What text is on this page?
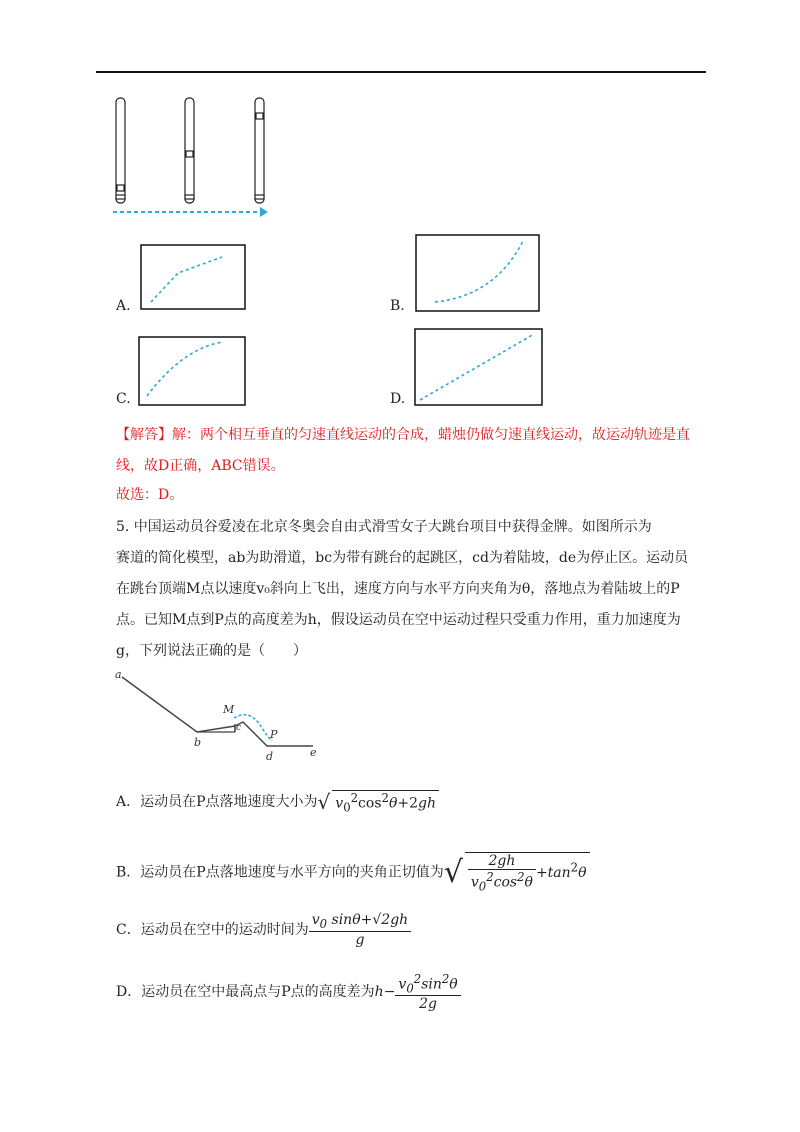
A.	B.
C.	D.
【解答】解：两个相互垂直的匀速直线运动的合成，蜡烛仍做匀速直线运动，故运动轨迹是直
线，故D正确，ABC错误。
故选：D。
5. 中国运动员谷爱凌在北京冬奥会自由式滑雪女子大跳台项目中获得金牌。如图所示为
赛道的简化模型，ab为助滑道，bc为带有跳台的起跳区，cd为着陆坡，de为停止区。运动员
在跳台顶端M点以速度v₀斜向上飞出，速度方向与水平方向夹角为θ，落地点为着陆坡上的P
点。已知M点到P点的高度差为h，假设运动员在空中运动过程只受重力作用，重力加速度为
g，下列说法正确的是（　　）
a
M
c	P
b
d	e
A．运动员在P点落地速度大小为√ $v_0^2\cos^2\theta+2gh$
B．运动员在P点落地速度与水平方向的夹角正切值为√ $\frac{2gh}{v_0^2\cos^2\theta} +\tan^2\theta$
C．运动员在空中的运动时间为 $\frac{v_0 \sin\theta+√2gh}{g}$
D．运动员在空中最高点与P点的高度差为$h- \frac{v_0^2\sin^2\theta}{2g}$
